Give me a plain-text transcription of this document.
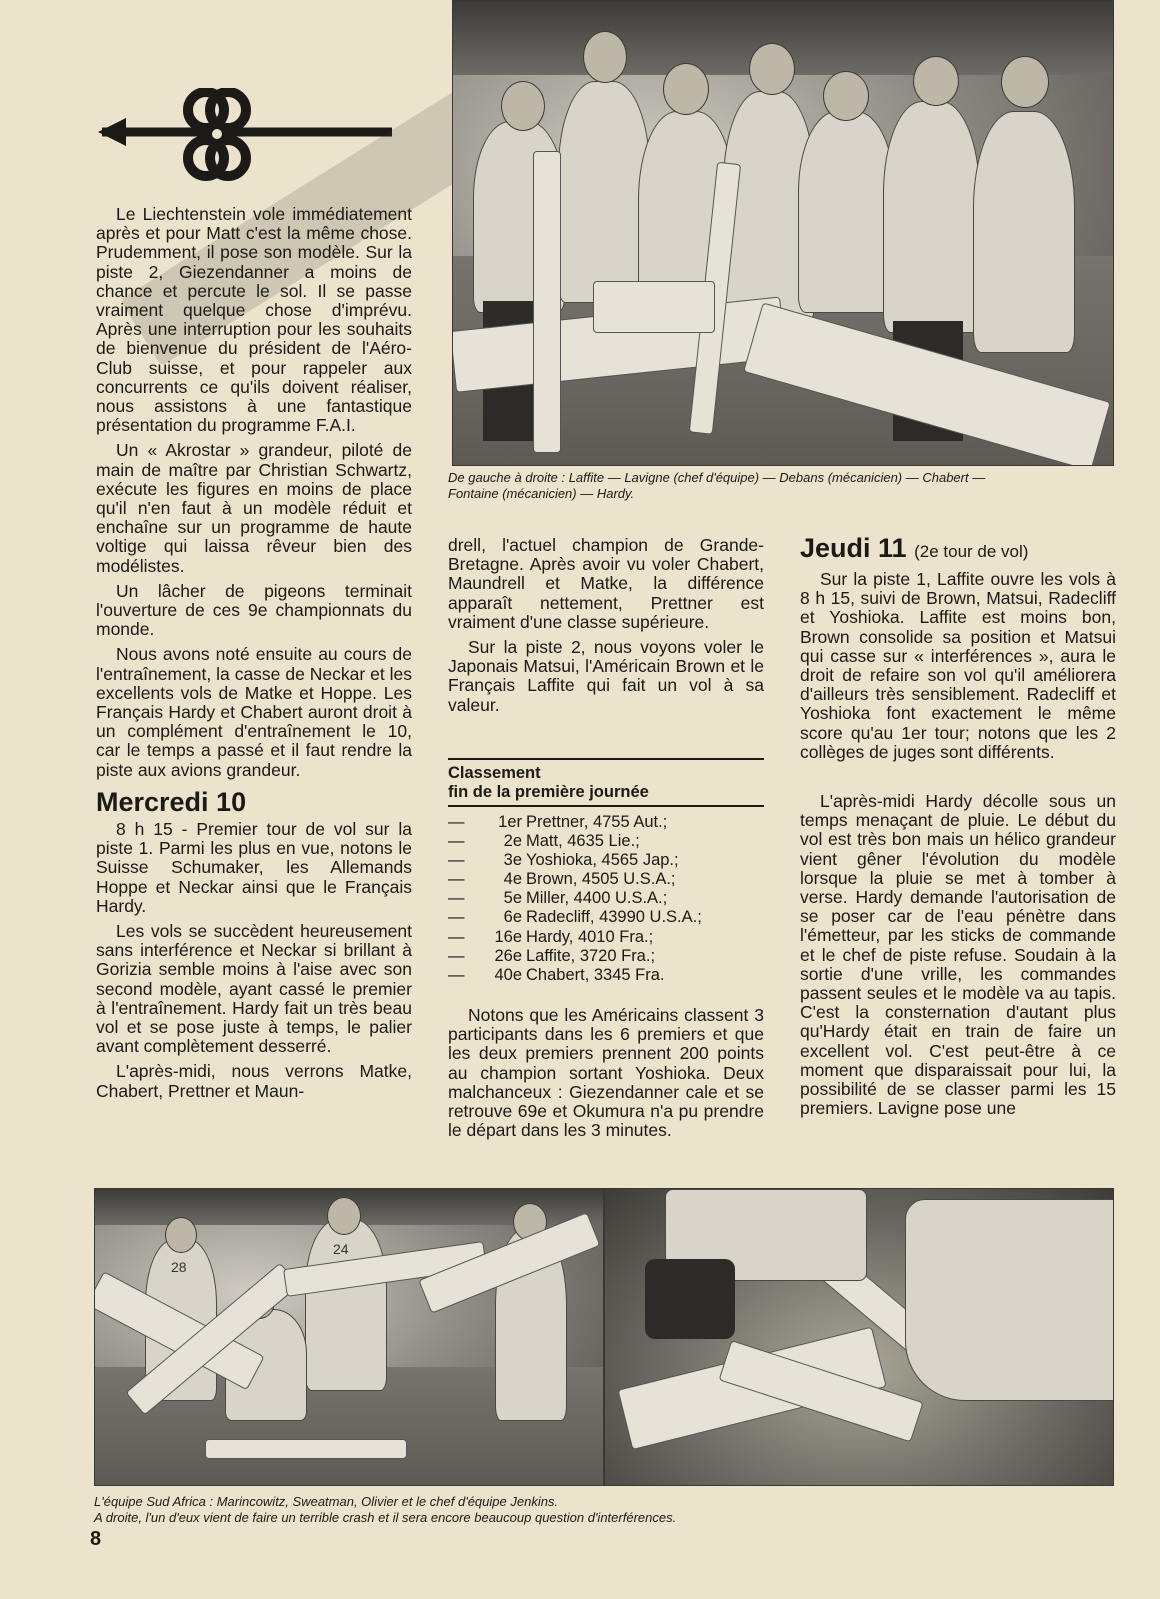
De gauche à droite : Laffite — Lavigne (chef d'équipe) — Debans (mécanicien) — Chabert —
Fontaine (mécanicien) — Hardy.

Le Liechtenstein vole immédiatement après et pour Matt c'est la même chose. Prudemment, il pose son modèle. Sur la piste 2, Giezendanner a moins de chance et percute le sol. Il se passe vraiment quelque chose d'imprévu. Après une interruption pour les souhaits de bienvenue du président de l'Aéro-Club suisse, et pour rappeler aux concurrents ce qu'ils doivent réaliser, nous assistons à une fantastique présentation du programme F.A.I.

Un « Akrostar » grandeur, piloté de main de maître par Christian Schwartz, exécute les figures en moins de place qu'il n'en faut à un modèle réduit et enchaîne sur un programme de haute voltige qui laissa rêveur bien des modélistes.

Un lâcher de pigeons terminait l'ouverture de ces 9e championnats du monde.

Nous avons noté ensuite au cours de l'entraînement, la casse de Neckar et les excellents vols de Matke et Hoppe. Les Français Hardy et Chabert auront droit à un complément d'entraînement le 10, car le temps a passé et il faut rendre la piste aux avions grandeur.

Mercredi 10

8 h 15 - Premier tour de vol sur la piste 1. Parmi les plus en vue, notons le Suisse Schumaker, les Allemands Hoppe et Neckar ainsi que le Français Hardy.

Les vols se succèdent heureusement sans interférence et Neckar si brillant à Gorizia semble moins à l'aise avec son second modèle, ayant cassé le premier à l'entraînement. Hardy fait un très beau vol et se pose juste à temps, le palier avant complètement desserré.

L'après-midi, nous verrons Matke, Chabert, Prettner et Maun-

drell, l'actuel champion de Grande-Bretagne. Après avoir vu voler Chabert, Maundrell et Matke, la différence apparaît nettement, Prettner est vraiment d'une classe supérieure.

Sur la piste 2, nous voyons voler le Japonais Matsui, l'Américain Brown et le Français Laffite qui fait un vol à sa valeur.

Classement
fin de la première journée
— 1er Prettner, 4755 Aut.;
— 2e Matt, 4635 Lie.;
— 3e Yoshioka, 4565 Jap.;
— 4e Brown, 4505 U.S.A.;
— 5e Miller, 4400 U.S.A.;
— 6e Radecliff, 43990 U.S.A.;
— 16e Hardy, 4010 Fra.;
— 26e Laffite, 3720 Fra.;
— 40e Chabert, 3345 Fra.

Notons que les Américains classent 3 participants dans les 6 premiers et que les deux premiers prennent 200 points au champion sortant Yoshioka. Deux malchanceux : Giezendanner cale et se retrouve 69e et Okumura n'a pu prendre le départ dans les 3 minutes.

Jeudi 11 (2e tour de vol)

Sur la piste 1, Laffite ouvre les vols à 8 h 15, suivi de Brown, Matsui, Radecliff et Yoshioka. Laffite est moins bon, Brown consolide sa position et Matsui qui casse sur « interférences », aura le droit de refaire son vol qu'il améliorera d'ailleurs très sensiblement. Radecliff et Yoshioka font exactement le même score qu'au 1er tour; notons que les 2 collèges de juges sont différents.

L'après-midi Hardy décolle sous un temps menaçant de pluie. Le début du vol est très bon mais un hélico grandeur vient gêner l'évolution du modèle lorsque la pluie se met à tomber à verse. Hardy demande l'autorisation de se poser car de l'eau pénètre dans l'émetteur, par les sticks de commande et le chef de piste refuse. Soudain à la sortie d'une vrille, les commandes passent seules et le modèle va au tapis. C'est la consternation d'autant plus qu'Hardy était en train de faire un excellent vol. C'est peut-être à ce moment que disparaissait pour lui, la possibilité de se classer parmi les 15 premiers. Lavigne pose une

28
24
L'équipe Sud Africa : Marincowitz, Sweatman, Olivier et le chef d'équipe Jenkins.
A droite, l'un d'eux vient de faire un terrible crash et il sera encore beaucoup question d'interférences.
8
